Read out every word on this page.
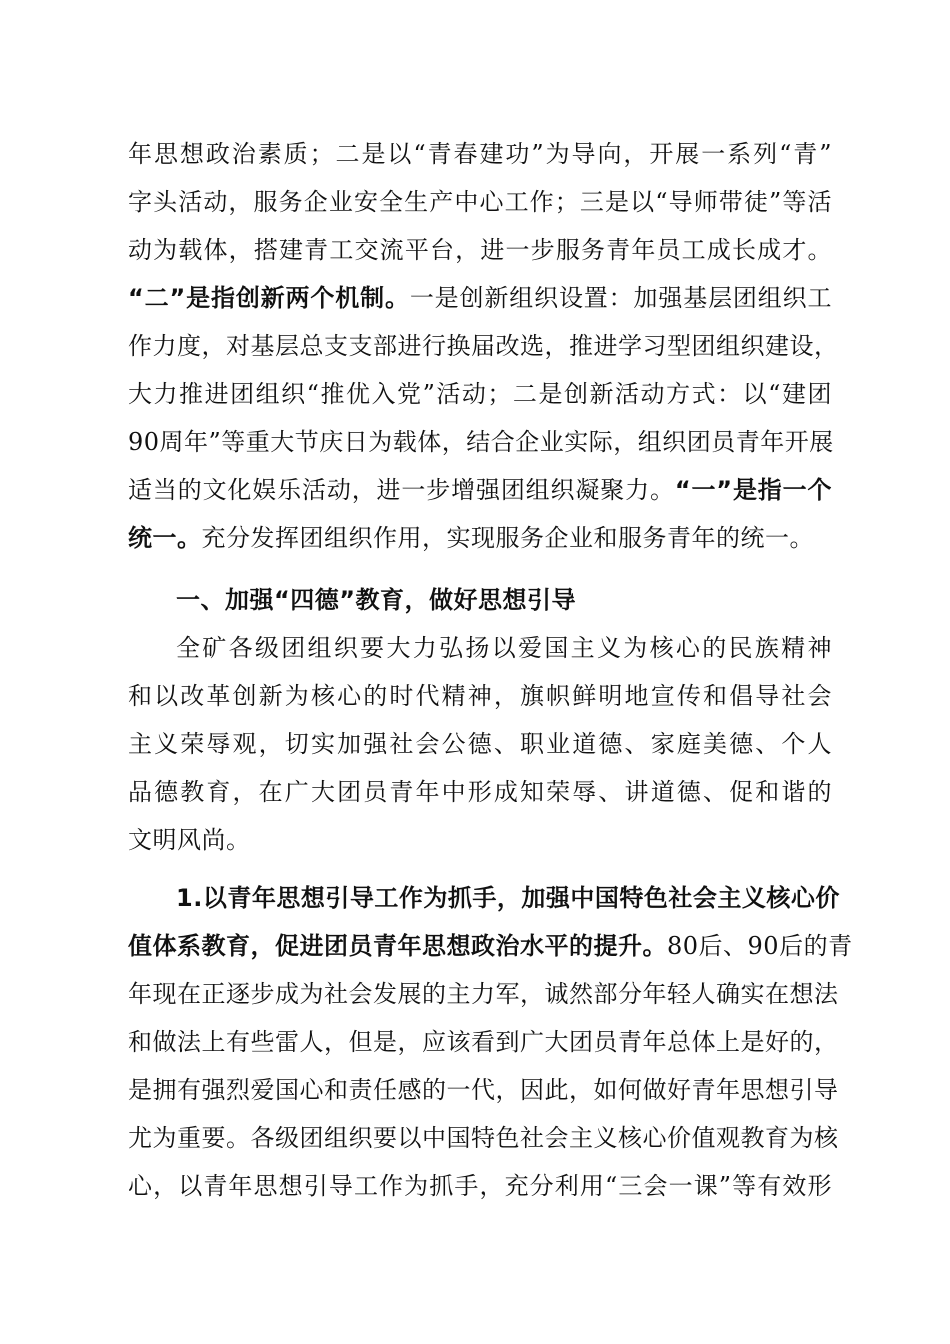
年思想政治素质；二是以“青春建功”为导向，开展一系列“青”
字头活动，服务企业安全生产中心工作；三是以“导师带徒”等活
动为载体，搭建青工交流平台，进一步服务青年员工成长成才。
“二”是指创新两个机制。一是创新组织设置：加强基层团组织工
作力度，对基层总支支部进行换届改选，推进学习型团组织建设，
大力推进团组织“推优入党”活动；二是创新活动方式：以“建团
90周年”等重大节庆日为载体，结合企业实际，组织团员青年开展
适当的文化娱乐活动，进一步增强团组织凝聚力。“一”是指一个
统一。充分发挥团组织作用，实现服务企业和服务青年的统一。
一、加强“四德”教育，做好思想引导
全矿各级团组织要大力弘扬以爱国主义为核心的民族精神
和以改革创新为核心的时代精神，旗帜鲜明地宣传和倡导社会
主义荣辱观，切实加强社会公德、职业道德、家庭美德、个人
品德教育，在广大团员青年中形成知荣辱、讲道德、促和谐的
文明风尚。
1.以青年思想引导工作为抓手，加强中国特色社会主义核心价
值体系教育，促进团员青年思想政治水平的提升。80后、90后的青
年现在正逐步成为社会发展的主力军，诚然部分年轻人确实在想法
和做法上有些雷人，但是，应该看到广大团员青年总体上是好的，
是拥有强烈爱国心和责任感的一代，因此，如何做好青年思想引导
尤为重要。各级团组织要以中国特色社会主义核心价值观教育为核
心，以青年思想引导工作为抓手，充分利用“三会一课”等有效形
